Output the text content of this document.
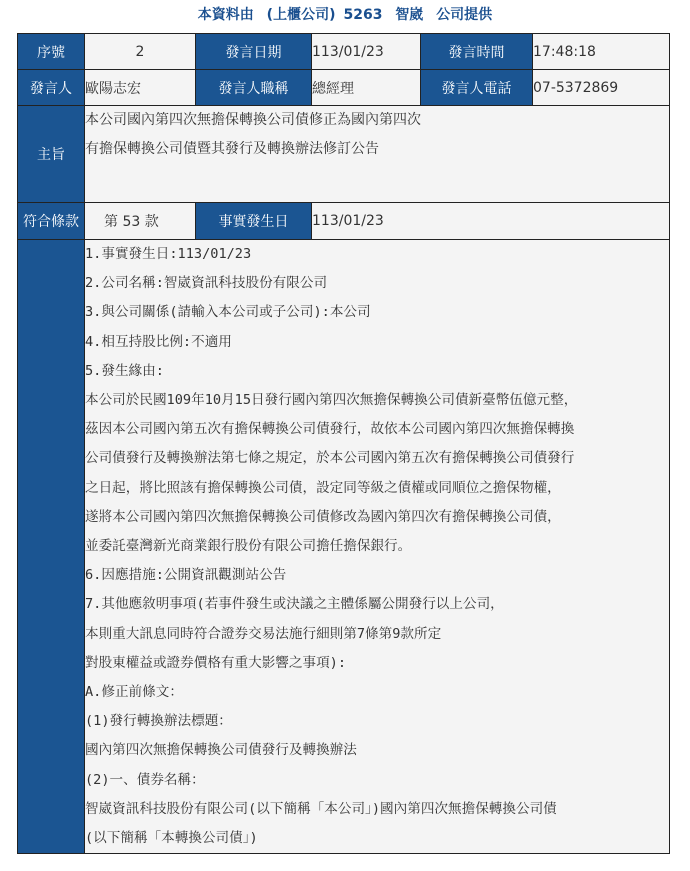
本資料由 (上櫃公司) 5263 智崴 公司提供
序號	2	發言日期	113/01/23	發言時間	17:48:18
發言人	歐陽志宏	發言人職稱	總經理	發言人電話	07-5372869
主旨	本公司國內第四次無擔保轉換公司債修正為國內第四次
有擔保轉換公司債暨其發行及轉換辦法修訂公告				

符合條款	第 53 款	事實發生日	113/01/23		

1.事實發生日:113/01/23
2.公司名稱:智崴資訊科技股份有限公司
3.與公司關係(請輸入本公司或子公司):本公司
4.相互持股比例:不適用
5.發生緣由:
本公司於民國109年10月15日發行國內第四次無擔保轉換公司債新臺幣伍億元整，
茲因本公司國內第五次有擔保轉換公司債發行，故依本公司國內第四次無擔保轉換
公司債發行及轉換辦法第七條之規定，於本公司國內第五次有擔保轉換公司債發行
之日起，將比照該有擔保轉換公司債，設定同等級之債權或同順位之擔保物權，
遂將本公司國內第四次無擔保轉換公司債修改為國內第四次有擔保轉換公司債，
並委託臺灣新光商業銀行股份有限公司擔任擔保銀行。
6.因應措施:公開資訊觀測站公告
7.其他應敘明事項(若事件發生或決議之主體係屬公開發行以上公司，
本則重大訊息同時符合證券交易法施行細則第7條第9款所定
對股東權益或證券價格有重大影響之事項):
A.修正前條文：
(1)發行轉換辦法標題：
國內第四次無擔保轉換公司債發行及轉換辦法
(2)一、債券名稱：
智崴資訊科技股份有限公司(以下簡稱「本公司」)國內第四次無擔保轉換公司債
(以下簡稱「本轉換公司債」)
